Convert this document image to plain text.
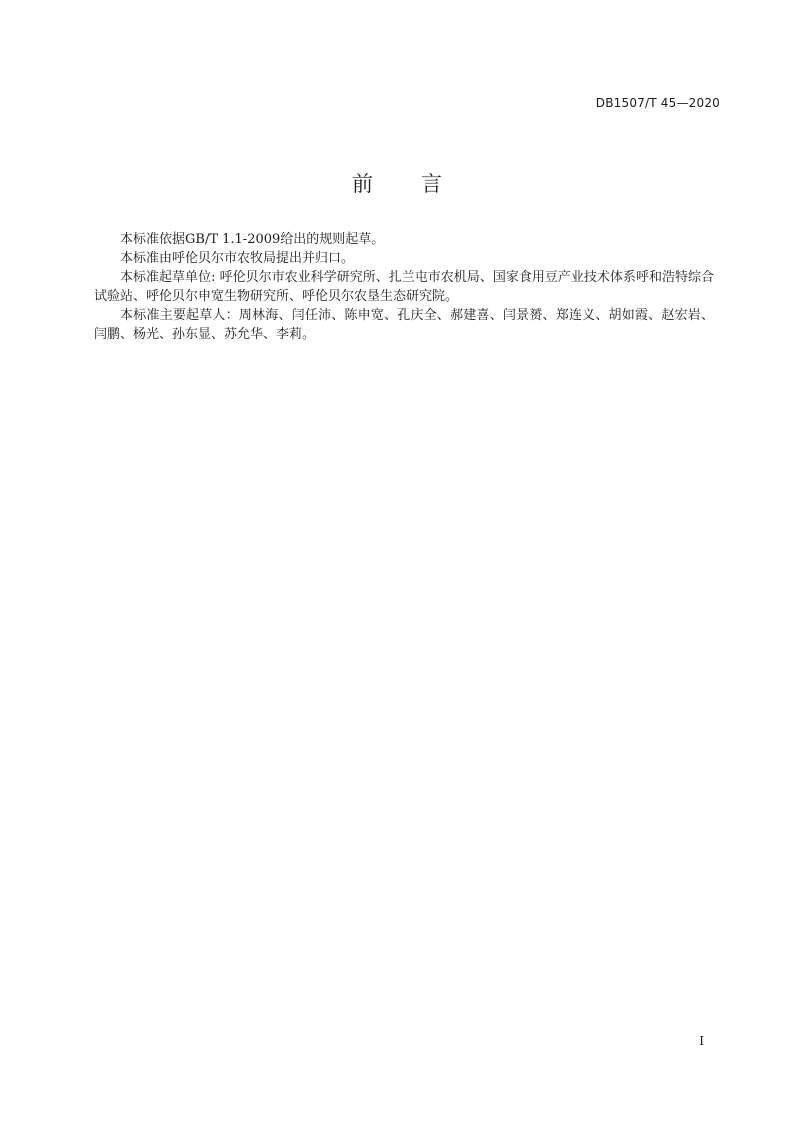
DB1507/T 45—2020
前言

本标准依据GB/T 1.1-2009给出的规则起草。

本标准由呼伦贝尔市农牧局提出并归口。

本标准起草单位: 呼伦贝尔市农业科学研究所、扎兰屯市农机局、国家食用豆产业技术体系呼和浩特综合试验站、呼伦贝尔申宽生物研究所、呼伦贝尔农垦生态研究院。

本标准主要起草人：周林海、闫任沛、陈申宽、孔庆全、郝建喜、闫景赟、郑连义、胡如霞、赵宏岩、闫鹏、杨光、孙东显、苏允华、李莉。

I
